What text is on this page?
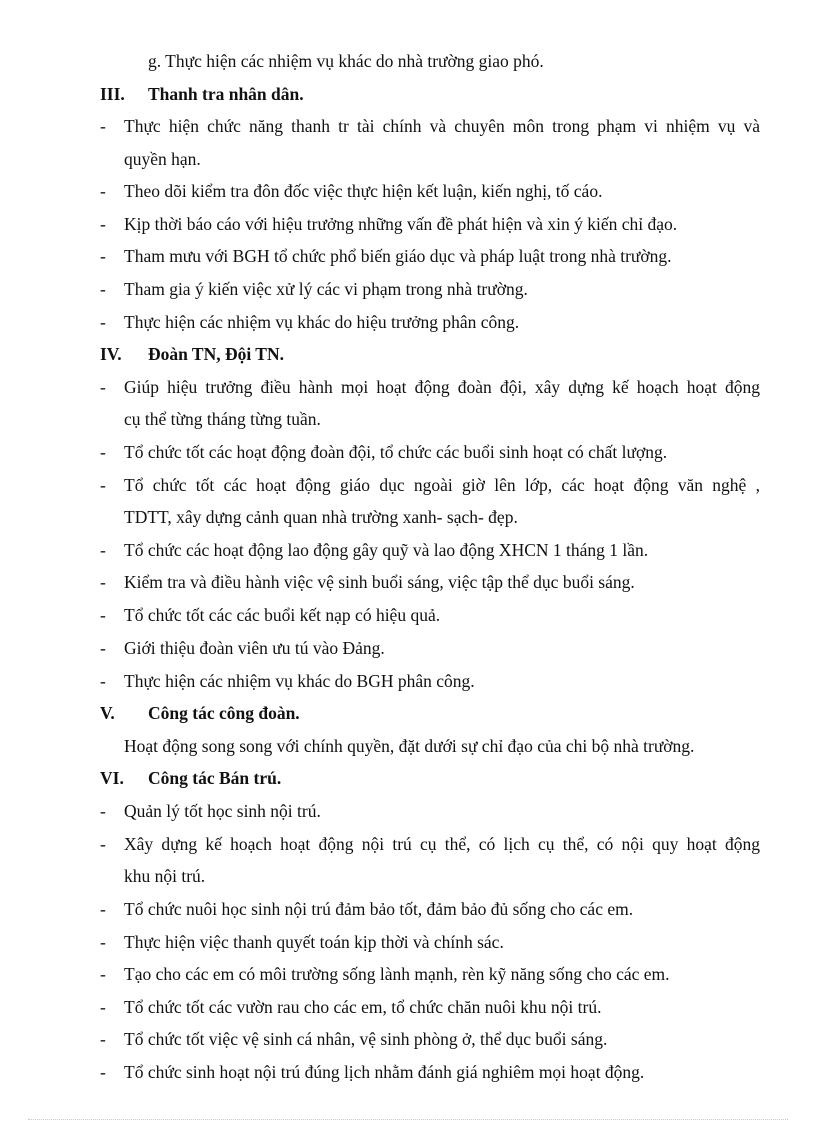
g. Thực hiện các nhiệm vụ khác do nhà trường giao phó.
III. Thanh tra nhân dân.
- Thực hiện chức năng thanh tr tài chính và chuyên môn trong phạm vi nhiệm vụ và
quyền hạn.
- Theo dõi kiểm tra đôn đốc việc thực hiện kết luận, kiến nghị, tố cáo.
- Kịp thời báo cáo với hiệu trưởng những vấn đề phát hiện và xin ý kiến chỉ đạo.
- Tham mưu với BGH tổ chức phổ biến giáo dục và pháp luật trong nhà trường.
- Tham gia ý kiến việc xử lý các vi phạm trong nhà trường.
- Thực hiện các nhiệm vụ khác do hiệu trưởng phân công.
IV. Đoàn TN, Đội TN.
- Giúp hiệu trưởng điều hành mọi hoạt động đoàn đội, xây dựng kế hoạch hoạt động
cụ thể từng tháng từng tuần.
- Tổ chức tốt các hoạt động đoàn đội, tổ chức các buổi sinh hoạt có chất lượng.
- Tổ chức tốt các hoạt động giáo dục ngoài giờ lên lớp, các hoạt động văn nghệ ,
TDTT, xây dựng cảnh quan nhà trường xanh- sạch- đẹp.
- Tổ chức các hoạt động lao động gây quỹ và lao động XHCN 1 tháng 1 lần.
- Kiểm tra và điều hành việc vệ sinh buổi sáng, việc tập thể dục buổi sáng.
- Tổ chức tốt các các buổi kết nạp có hiệu quả.
- Giới thiệu đoàn viên ưu tú vào Đảng.
- Thực hiện các nhiệm vụ khác do BGH phân công.
V. Công tác công đoàn.
Hoạt động song song với chính quyền, đặt dưới sự chỉ đạo của chi bộ nhà trường.
VI. Công tác Bán trú.
- Quản lý tốt học sinh nội trú.
- Xây dựng kế hoạch hoạt động nội trú cụ thể, có lịch cụ thể, có nội quy hoạt động
khu nội trú.
- Tổ chức nuôi học sinh nội trú đảm bảo tốt, đảm bảo đủ sống cho các em.
- Thực hiện việc thanh quyết toán kịp thời và chính sác.
- Tạo cho các em có môi trường sống lành mạnh, rèn kỹ năng sống cho các em.
- Tổ chức tốt các vườn rau cho các em, tổ chức chăn nuôi khu nội trú.
- Tổ chức tốt việc vệ sinh cá nhân, vệ sinh phòng ở, thể dục buổi sáng.
- Tổ chức sinh hoạt nội trú đúng lịch nhằm đánh giá nghiêm mọi hoạt động.
